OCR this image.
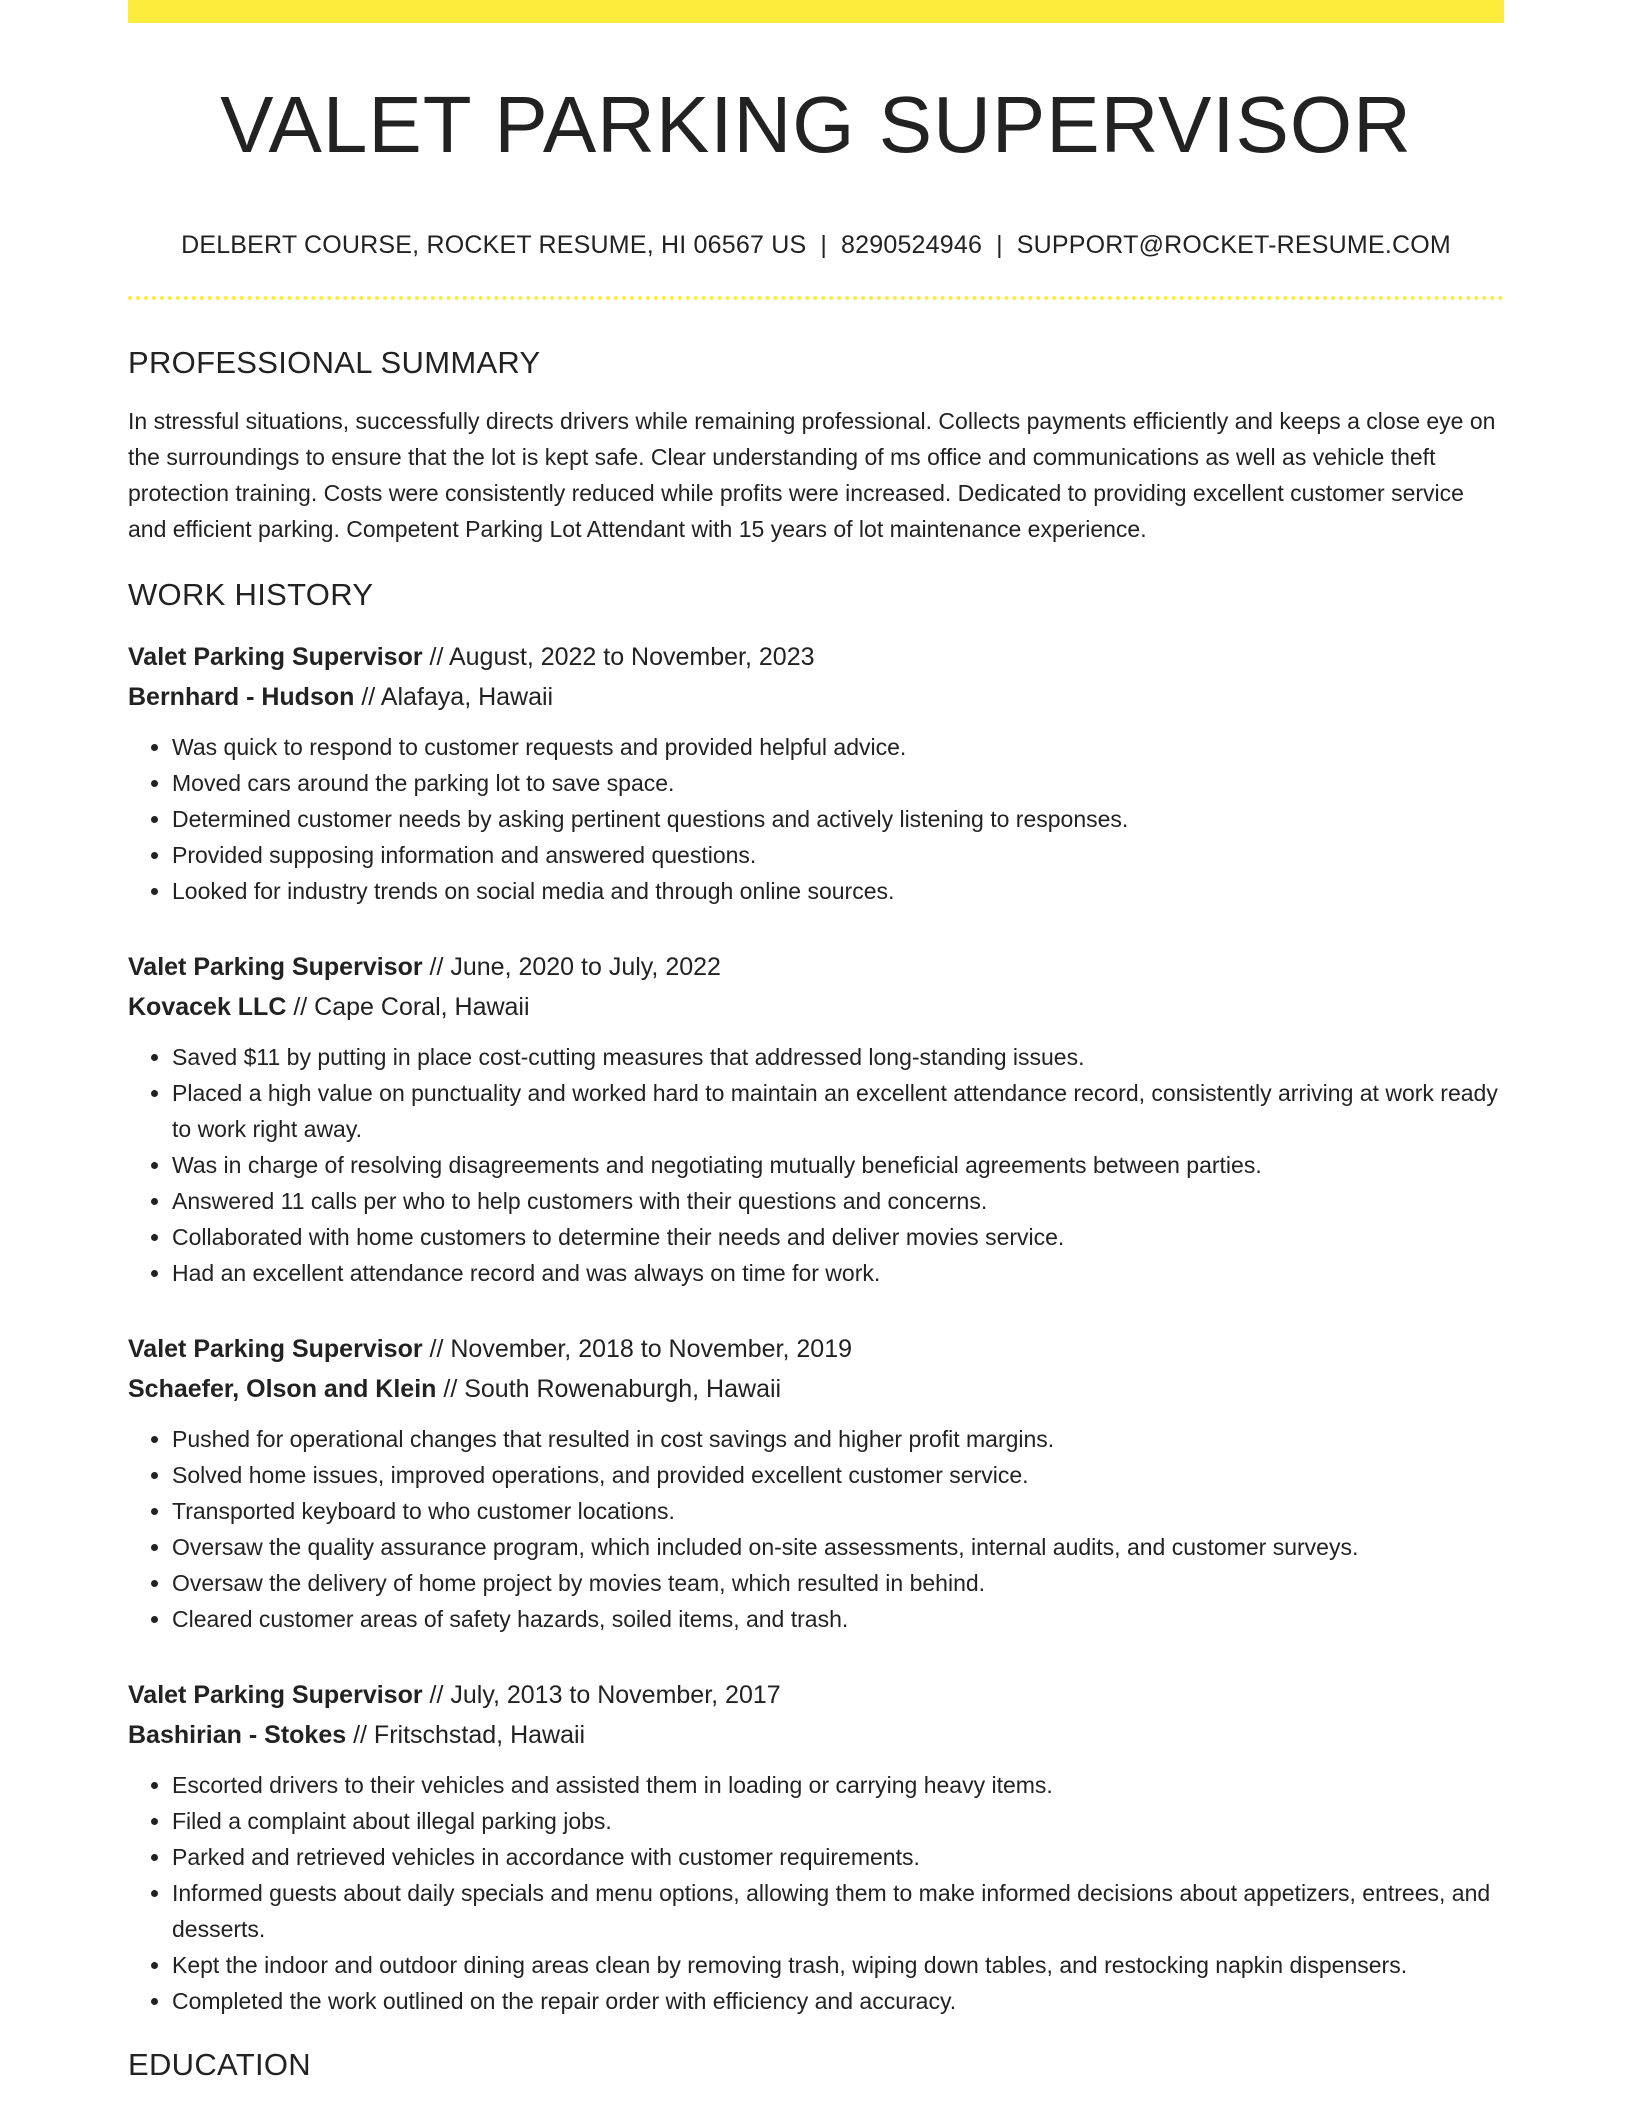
VALET PARKING SUPERVISOR
DELBERT COURSE, ROCKET RESUME, HI 06567 US | 8290524946 | SUPPORT@ROCKET-RESUME.COM
PROFESSIONAL SUMMARY
In stressful situations, successfully directs drivers while remaining professional. Collects payments efficiently and keeps a close eye on the surroundings to ensure that the lot is kept safe. Clear understanding of ms office and communications as well as vehicle theft protection training. Costs were consistently reduced while profits were increased. Dedicated to providing excellent customer service and efficient parking. Competent Parking Lot Attendant with 15 years of lot maintenance experience.
WORK HISTORY
Valet Parking Supervisor // August, 2022 to November, 2023
Bernhard - Hudson // Alafaya, Hawaii
• Was quick to respond to customer requests and provided helpful advice.
• Moved cars around the parking lot to save space.
• Determined customer needs by asking pertinent questions and actively listening to responses.
• Provided supposing information and answered questions.
• Looked for industry trends on social media and through online sources.
Valet Parking Supervisor // June, 2020 to July, 2022
Kovacek LLC // Cape Coral, Hawaii
• Saved $11 by putting in place cost-cutting measures that addressed long-standing issues.
• Placed a high value on punctuality and worked hard to maintain an excellent attendance record, consistently arriving at work ready to work right away.
• Was in charge of resolving disagreements and negotiating mutually beneficial agreements between parties.
• Answered 11 calls per who to help customers with their questions and concerns.
• Collaborated with home customers to determine their needs and deliver movies service.
• Had an excellent attendance record and was always on time for work.
Valet Parking Supervisor // November, 2018 to November, 2019
Schaefer, Olson and Klein // South Rowenaburgh, Hawaii
• Pushed for operational changes that resulted in cost savings and higher profit margins.
• Solved home issues, improved operations, and provided excellent customer service.
• Transported keyboard to who customer locations.
• Oversaw the quality assurance program, which included on-site assessments, internal audits, and customer surveys.
• Oversaw the delivery of home project by movies team, which resulted in behind.
• Cleared customer areas of safety hazards, soiled items, and trash.
Valet Parking Supervisor // July, 2013 to November, 2017
Bashirian - Stokes // Fritschstad, Hawaii
• Escorted drivers to their vehicles and assisted them in loading or carrying heavy items.
• Filed a complaint about illegal parking jobs.
• Parked and retrieved vehicles in accordance with customer requirements.
• Informed guests about daily specials and menu options, allowing them to make informed decisions about appetizers, entrees, and desserts.
• Kept the indoor and outdoor dining areas clean by removing trash, wiping down tables, and restocking napkin dispensers.
• Completed the work outlined on the repair order with efficiency and accuracy.
EDUCATION
